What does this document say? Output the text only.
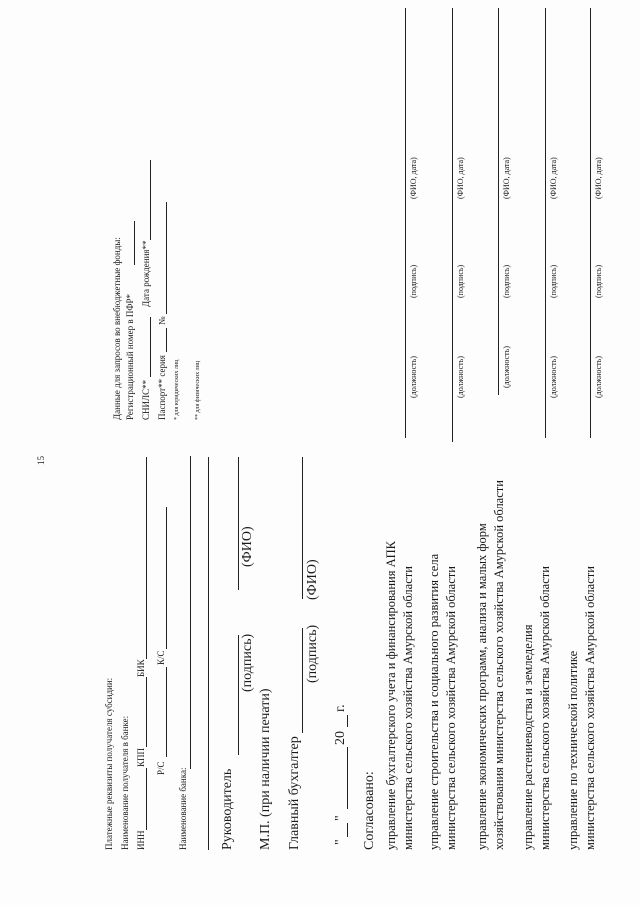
15
Платежные реквизиты получателя субсидии: Наименование получателя в банке: ИНН
КПП
БИК
Р/С
К/С
Наименование банка: Руководитель
(подпись)
(ФИО)
М.П. (при наличии печати) Главный бухгалтер
(подпись)
(ФИО)
"
"
20
г.
Согласовано: управление бухгалтерского учета и финансирования АПК министерства сельского хозяйства Амурской области управление строительства и социального развития села министерства сельского хозяйства Амурской области управление экономических программ, анализа и малых форм хозяйствования министерства сельского хозяйства Амурской области управление растениеводства и земледелия министерства сельского хозяйства Амурской области управление по технической политике министерства сельского хозяйства Амурской области
Данные для запросов во внебюджетные фонды: Регистрационный номер в ПФР* СНИЛС**
Дата рождения**
Паспорт** серия
№
* для юридических лиц	** для физических лиц	(должность)
(подпись)
(ФИО, дата)
(должность)
(подпись)
(ФИО, дата)
(должность)
(подпись)
(ФИО, дата)
(должность)
(подпись)
(ФИО, дата)
(должность)
(подпись)
(ФИО, дата)
